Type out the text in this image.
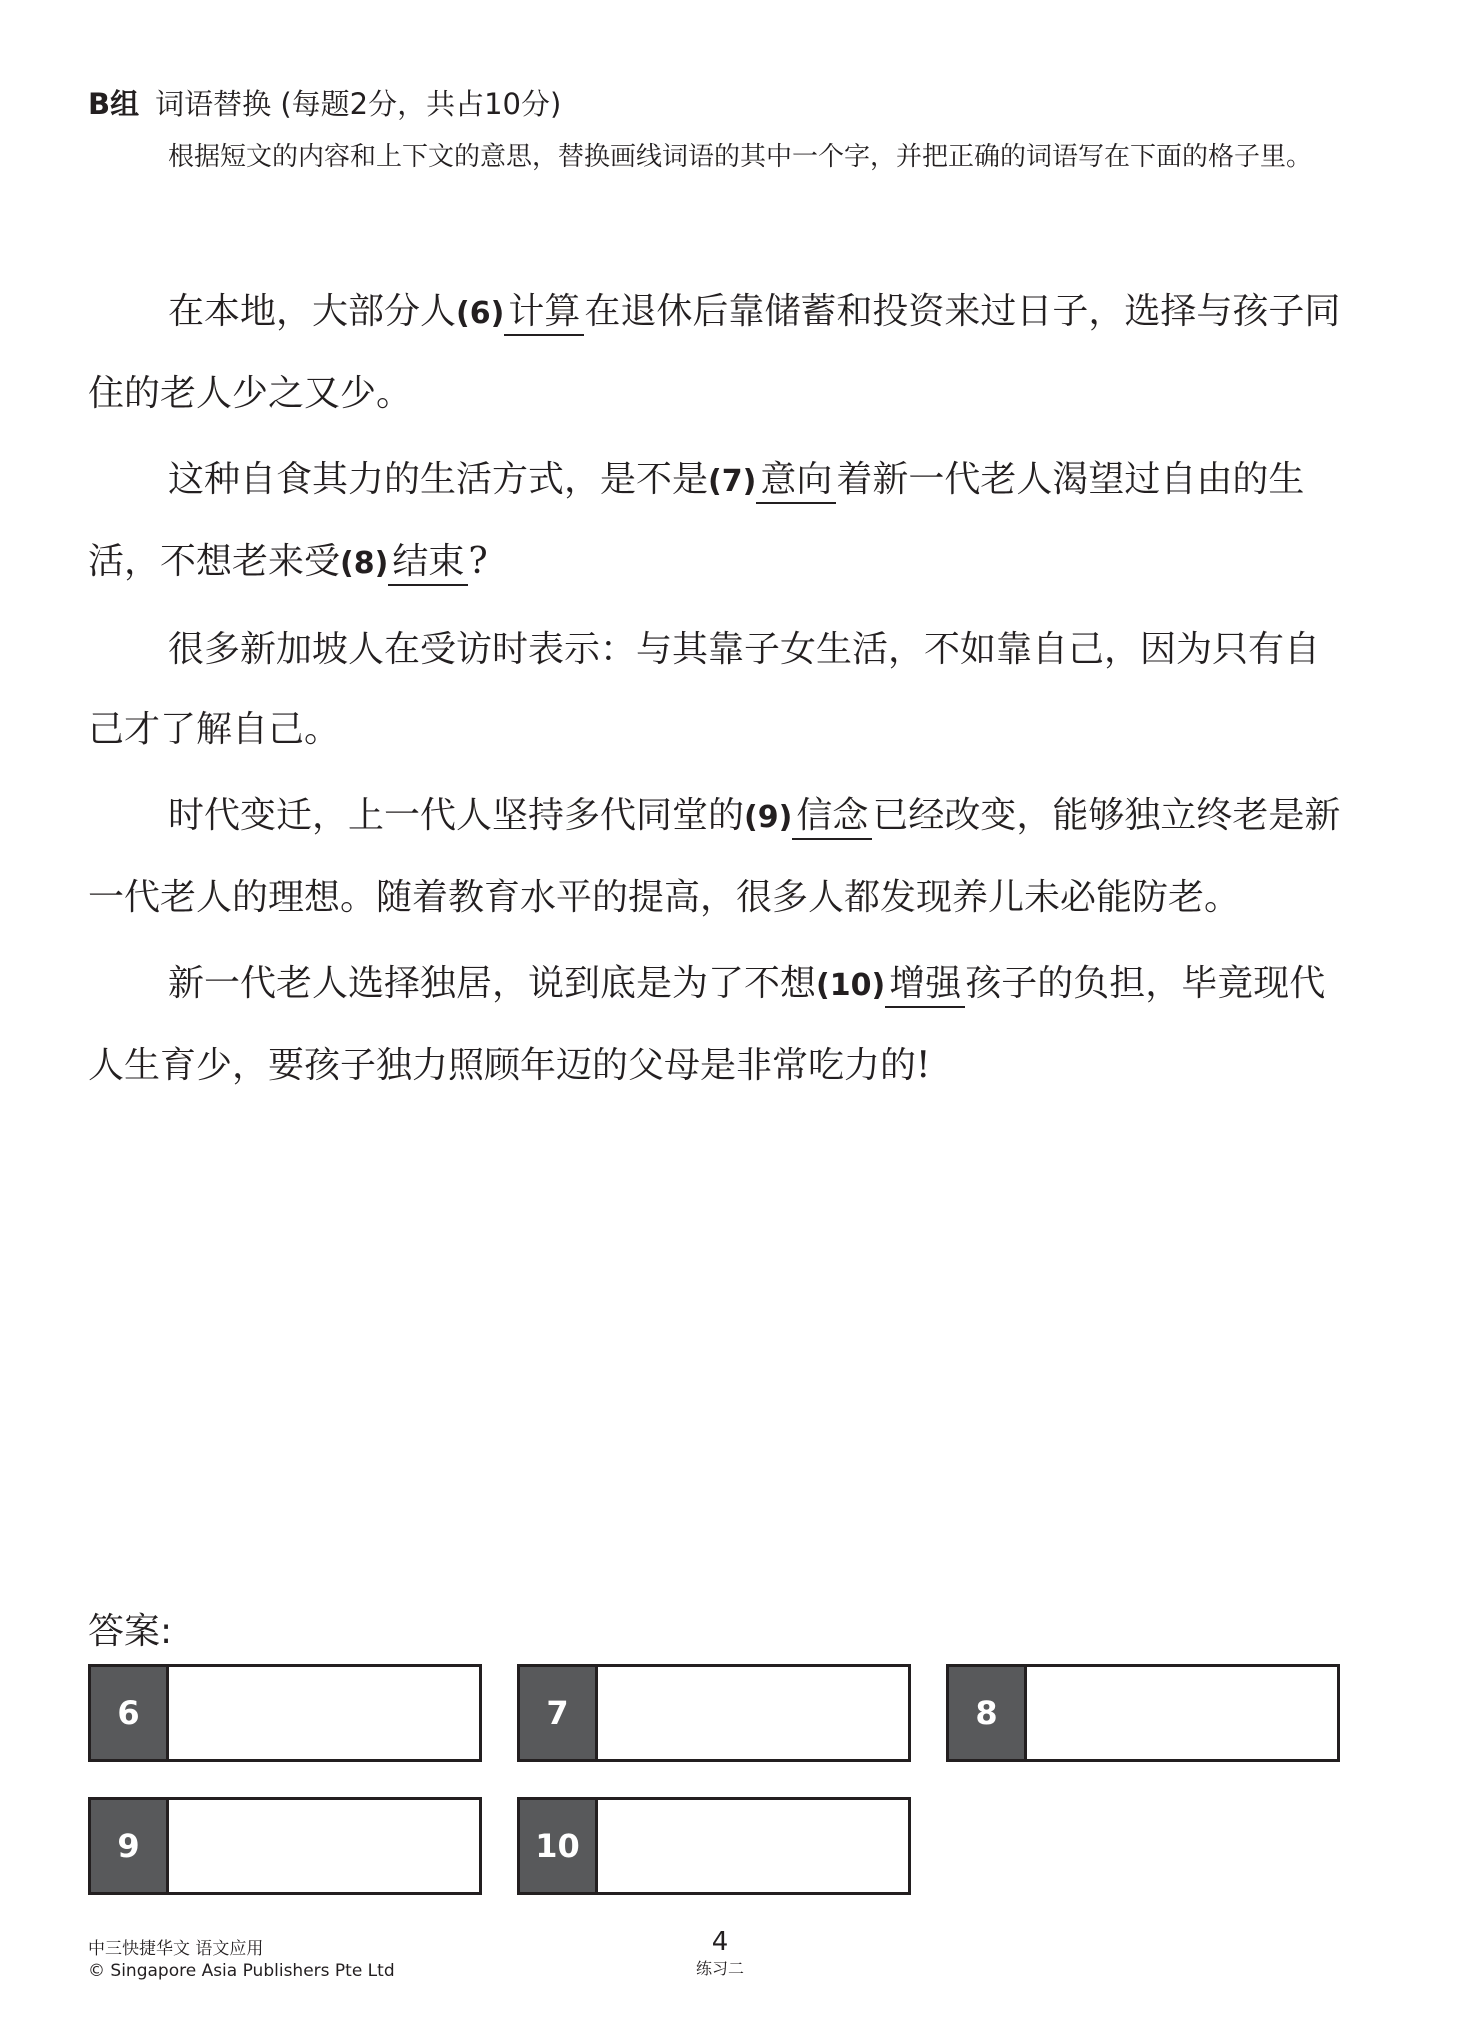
B组 词语替换 (每题2分，共占10分)
根据短文的内容和上下文的意思，替换画线词语的其中一个字，并把正确的词语写在下面的格子里。

在本地，大部分人(6) 计算 在退休后靠储蓄和投资来过日子，选择与孩子同住的老人少之又少。

这种自食其力的生活方式，是不是(7) 意向 着新一代老人渴望过自由的生活，不想老来受(8) 结束 ?

很多新加坡人在受访时表示：与其靠子女生活，不如靠自己，因为只有自己才了解自己。

时代变迁，上一代人坚持多代同堂的(9) 信念 已经改变，能够独立终老是新一代老人的理想。随着教育水平的提高，很多人都发现养儿未必能防老。

新一代老人选择独居，说到底是为了不想(10) 增强 孩子的负担，毕竟现代人生育少，要孩子独力照顾年迈的父母是非常吃力的!

答案:
6	7	8
9	10
中三快捷华文 语文应用
© Singapore Asia Publishers Pte Ltd
4
练习二
